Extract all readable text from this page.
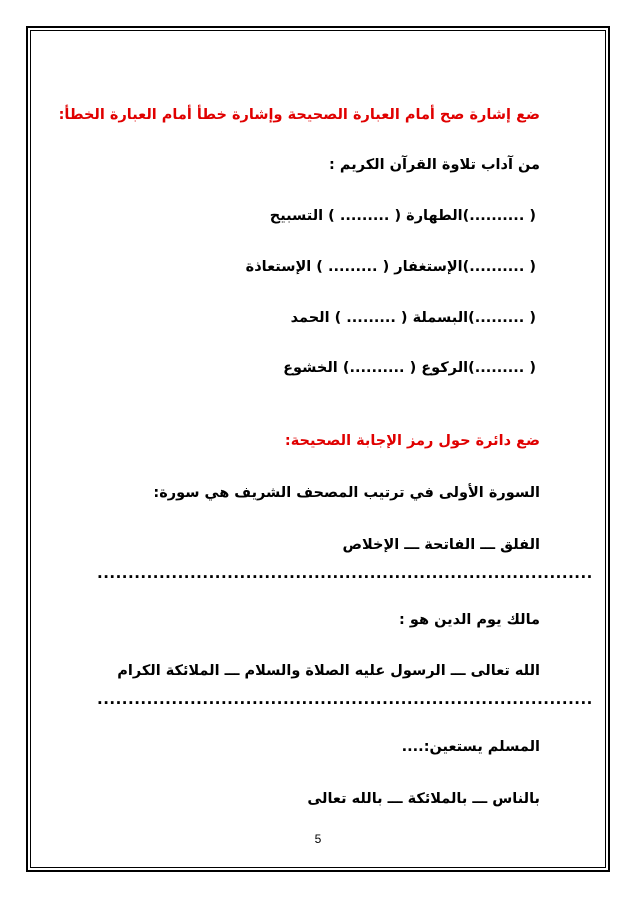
ضع إشارة صح أمام العبارة الصحيحة وإشارة خطأ أمام العبارة الخطأ:
من آداب تلاوة القرآن الكريم :
( ..........)الطهارة ( ......... ) التسبيح
( ..........)الإستغفار ( ......... ) الإستعاذة
( .........)البسملة ( ......... ) الحمد
( .........)الركوع ( ..........) الخشوع
ضع دائرة حول رمز الإجابة الصحيحة:
السورة الأولى في ترتيب المصحف الشريف هي سورة:
الفلق ـــ الفاتحة ـــ الإخلاص
................................................................................
مالك يوم الدين هو :
الله تعالى ـــ الرسول عليه الصلاة والسلام ـــ الملائكة الكرام
................................................................................
المسلم يستعين:....
بالناس ـــ بالملائكة ـــ بالله تعالى
5
